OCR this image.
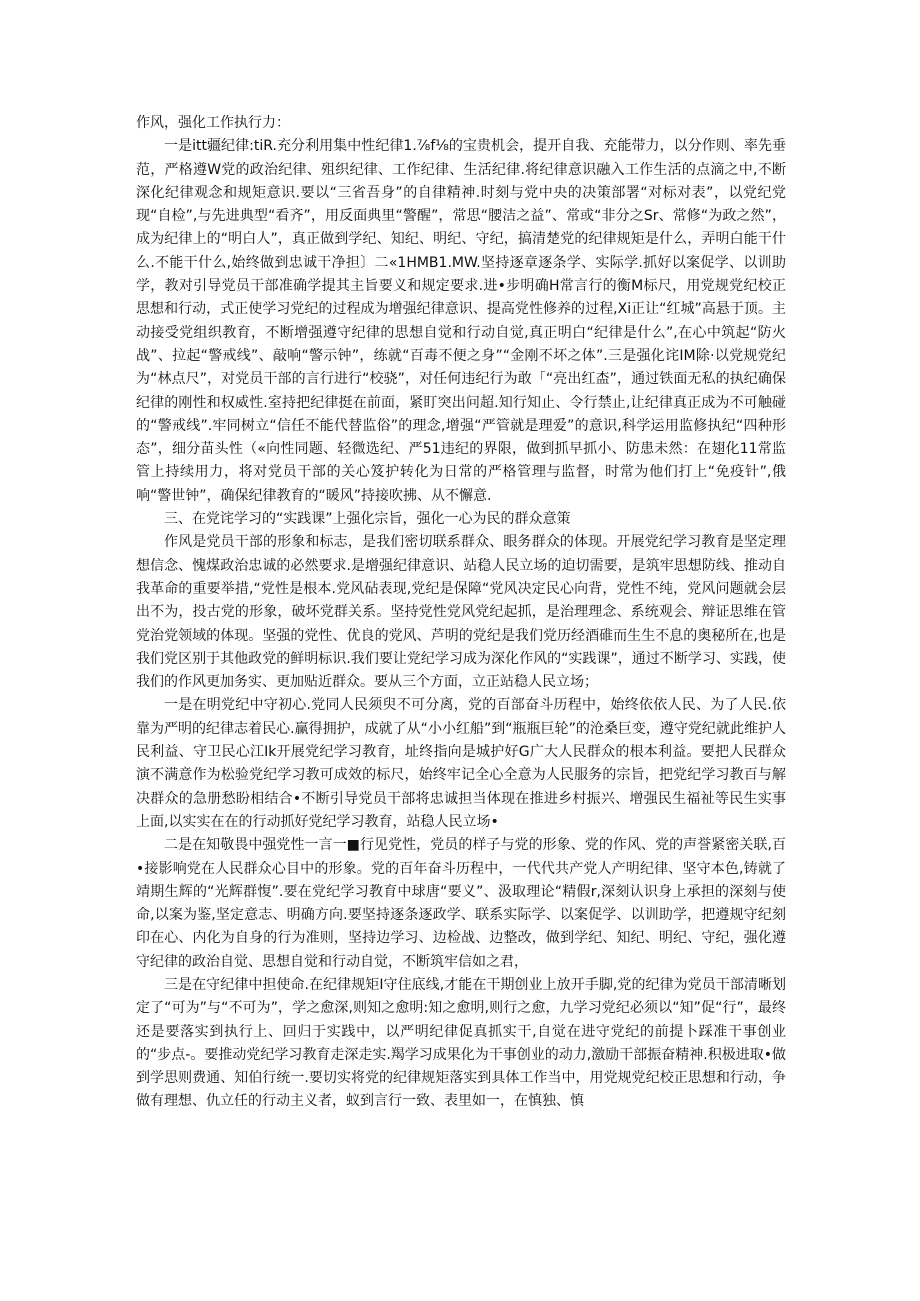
作风，强化工作执行力：

一是itt疆纪律:tiR.充分利用集中性纪律1.⅞f⅛的宝贵机会，提开自我、充能带力，以分作则、率先垂范，严格遵W党的政治纪律、殂织纪律、工作纪律、生活纪律.将纪律意识融入工作生活的点滴之中,不断深化纪律观念和规矩意识.要以“三省吾身”的自律精神.时刻与党中央的决策部署“对标对表”，以党纪党现“自检”,与先进典型“看齐”，用反面典里“警醒”，常思“腰洁之益”、常或“非分之Sr、常修“为政之然”，成为纪律上的“明白人”，真正做到学纪、知纪、明纪、守纪，搞清楚党的纪律规矩是什么，弄明白能干什么.不能干什么,始终做到忠诚干净担〕二«1HMB1.MW.坚持逐章逐条学、实际学.抓好以案促学、以训助学，教对引导党员干部准确学提其主旨要义和规定要求.进•步明确H常言行的衡M标尺，用党规党纪校正思想和行动，式正使学习党纪的过程成为增强纪律意识、提高党性修养的过程,Xi正让“红城”高悬于顶。主动接受党组织教育，不断增强遵守纪律的思想自觉和行动自觉,真正明白“纪律是什么”,在心中筑起“防火战”、拉起“警戒线”、敲响“警示钟”，练就“百毒不便之身”“金刚不坏之体”.三是强化诧IM除·以党规党纪为“林点尺”，对党员干部的言行进行“校骁”，对任何违纪行为敢「“亮出红㭗”，通过铁面无私的执纪确保纪律的刚性和权威性.室持把纪律挺在前面，紧盯突出问超.知行知止、令行禁止,让纪律真正成为不可触碰的“警戒线”.牢同树立“信任不能代替监俗”的理念,增强“严管就是理爱”的意识,科学运用监修执纪“四种形态”，细分苗头性（«向性同题、轻微选纪、严51违纪的界限，做到抓早抓小、防患未然：在翅化11常监管上持续用力，将对党员干部的关心笈护转化为日常的严格管理与监督，时常为他们打上“免疫针”,俄响“警世钟”，确保纪律教育的“暖风”持接吹拂、从不懈意.

三、在党诧学习的“实践课”上强化宗旨，强化一心为民的群众意策

作风是党员干部的形象和标志，是我们密切联系群众、眼务群众的体现。开展党纪学习教育是坚定理想信念、愧煤政治忠诚的必然要求.是增强纪律意识、站稳人民立场的迫切需要，是筑牢思想防线、推动自我革命的重要举措,“党性是根本.党风砧表现,党纪是保障“党风决定民心向背，党性不纯，党风问题就会层出不为，投古党的形象，破坏党群关系。坚持党性党风党纪起抓，是治理理念、系统观会、辩证思维在管党治党领域的体现。坚强的党性、优良的党风、芦明的党纪是我们党历经酒碓而生生不息的奥秘所在,也是我们党区别于其他政党的鲜明标识.我们要让党纪学习成为深化作风的“实践课”，通过不断学习、实践，使我们的作风更加务实、更加贴近群众。要从三个方面，立正站稳人民立场；

一是在明党纪中守初心.党同人民须臾不可分离，党的百部奋斗历程中，始终依依人民、为了人民.依靠为严明的纪律志着民心.赢得拥护，成就了从“小小红船”到“瓶瓶巨轮”的沧桑巨变，遵守党纪就此维护人民利益、守卫民心江Ik开展党纪学习教育，址终指向是城护好G广大人民群众的根本利益。要把人民群众演不满意作为松验党纪学习教可成效的标尺，始终牢记全心全意为人民服务的宗旨，把党纪学习教百与解决群众的急册愁盼相结合•不断引导党员干部将忠诚担当体现在推进乡村振兴、增强民生福祉等民生实事上面,以实实在在的行动抓好党纪学习教育，站稳人民立场•

二是在知敬畏中强党性一言一■行见党性，党员的样子与党的形象、党的作风、党的声誉紧密关联,百•接影响党在人民群众心目中的形象。党的百年奋斗历程中，一代代共产党人产明纪律、坚守本色,铸就了靖期生辉的“光辉群愎”.要在党纪学习教育中球唐“要义”、汲取理论“精假r,深刻认识身上承担的深刻与使命,以案为鉴,坚定意志、明确方向.要坚持逐条逐政学、联系实际学、以案促学、以训助学，把遵规守纪刻印在心、内化为自身的行为准则，坚持边学习、边检战、边整改，做到学纪、知纪、明纪、守纪，强化遵守纪律的政治自觉、思想自觉和行动自觉，不断筑牢信如之君，

三是在守纪律中担使命.在纪律规矩I守住底线,才能在干期创业上放开手脚,党的纪律为党员干部清晰划定了“可为”与“不可为”，学之愈深,则知之愈明:知之愈明,则行之愈，九学习党纪必须以“知”促“行”，最终还是要落实到执行上、回归于实践中，以严明纪律促真抓实干,自觉在进守党纪的前提卜踩准干事创业的“步点-。要推动党纪学习教育走深走实.羯学习成果化为干事创业的动力,激励干部振奋精神.积极进取•做到学思则费通、知伯行统一.要切实将党的纪律规矩落实到具体工作当中，用党规党纪校正思想和行动，争做有理想、仇立任的行动主义者，蚁到言行一致、表里如一，在慎独、慎
